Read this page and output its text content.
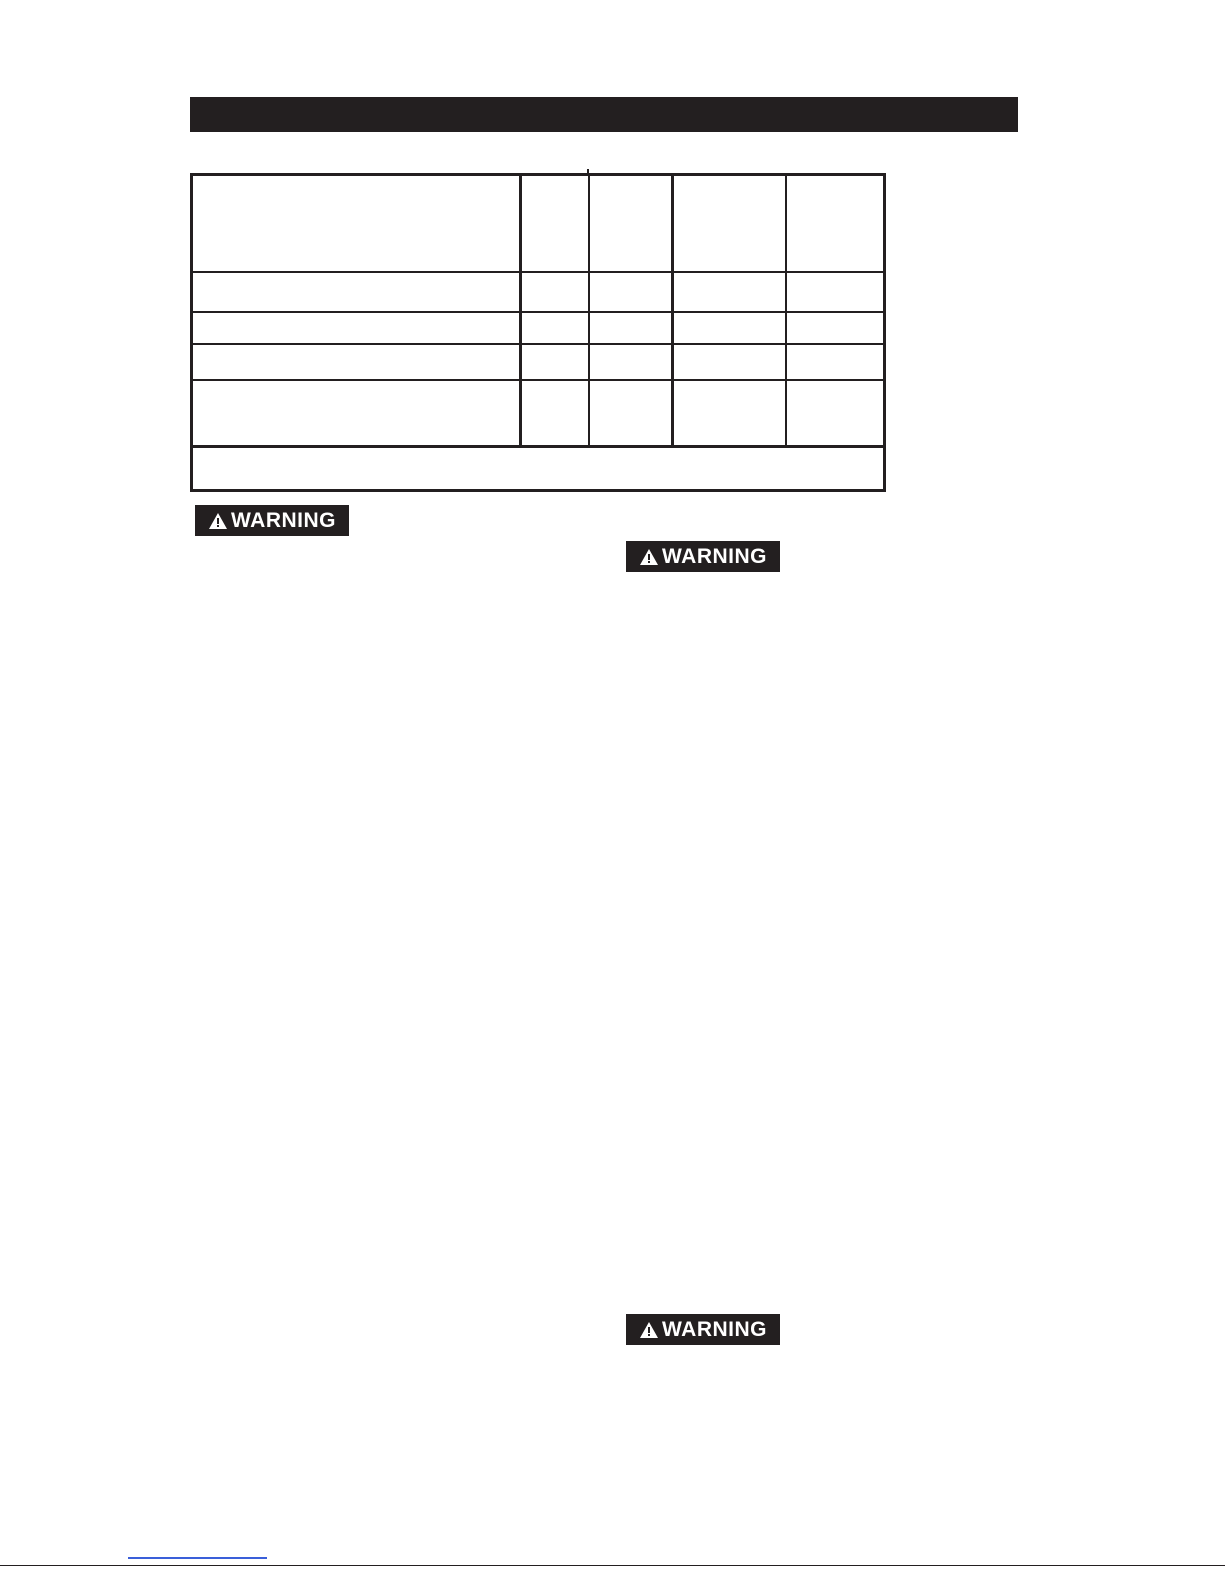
WARNING
WARNING
WARNING
